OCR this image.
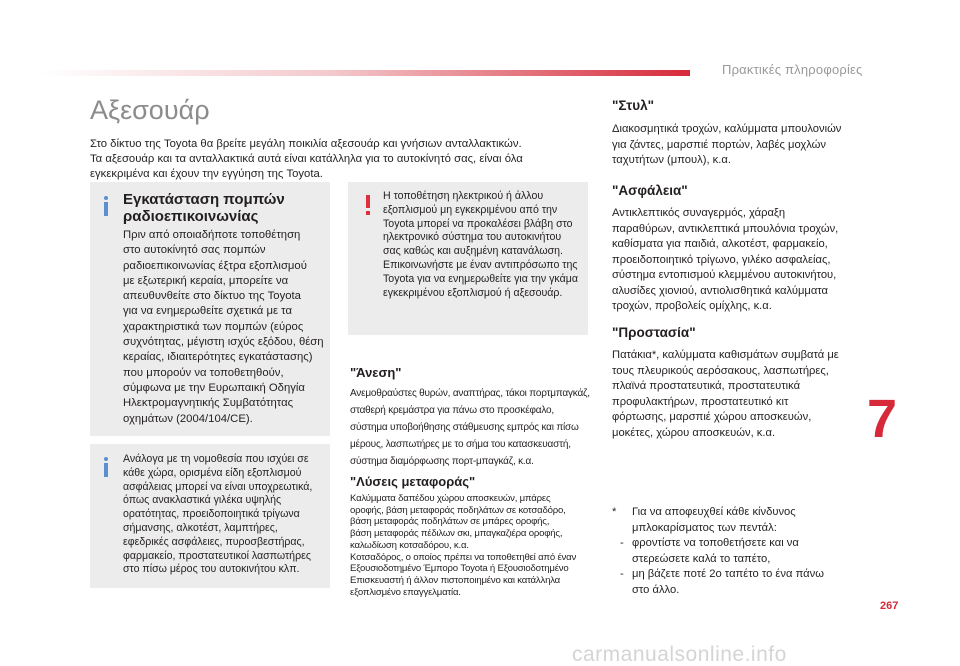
Πρακτικές πληροφορίες
Αξεσουάρ
Στο δίκτυο της Toyota θα βρείτε μεγάλη ποικιλία αξεσουάρ και γνήσιων ανταλλακτικών.
Τα αξεσουάρ και τα ανταλλακτικά αυτά είναι κατάλληλα για το αυτοκίνητό σας, είναι όλα
εγκεκριμένα και έχουν την εγγύηση της Toyota.
Εγκατάσταση πομπών
ραδιοεπικοινωνίας
Πριν από οποιαδήποτε τοποθέτηση
στο αυτοκίνητό σας πομπών
ραδιοεπικοινωνίας έξτρα εξοπλισμού
με εξωτερική κεραία, μπορείτε να
απευθυνθείτε στο δίκτυο της Toyota
για να ενημερωθείτε σχετικά με τα
χαρακτηριστικά των πομπών (εύρος
συχνότητας, μέγιστη ισχύς εξόδου, θέση
κεραίας, ιδιαιτερότητες εγκατάστασης)
που μπορούν να τοποθετηθούν,
σύμφωνα με την Ευρωπαική Οδηγία
Ηλεκτρομαγνητικής Συμβατότητας
οχημάτων (2004/104/CE).
Ανάλογα με τη νομοθεσία που ισχύει σε
κάθε χώρα, ορισμένα είδη εξοπλισμού
ασφάλειας μπορεί να είναι υποχρεωτικά,
όπως ανακλαστικά γιλέκα υψηλής
ορατότητας, προειδοποιητικά τρίγωνα
σήμανσης, αλκοτέστ, λαμπτήρες,
εφεδρικές ασφάλειες, πυροσβεστήρας,
φαρμακείο, προστατευτικοί λασπωτήρες
στο πίσω μέρος του αυτοκινήτου κλπ.
Η τοποθέτηση ηλεκτρικού ή άλλου
εξοπλισμού μη εγκεκριμένου από την
Toyota μπορεί να προκαλέσει βλάβη στο
ηλεκτρονικό σύστημα του αυτοκινήτου
σας καθώς και αυξημένη κατανάλωση.
Επικοινωνήστε με έναν αντιπρόσωπο της
Toyota για να ενημερωθείτε για την γκάμα
εγκεκριμένου εξοπλισμού ή αξεσουάρ.
"Άνεση"
Ανεμοθραύστες θυρών, αναπτήρας, τάκοι πορτμπαγκάζ,
σταθερή κρεμάστρα για πάνω στο προσκέφαλο,
σύστημα υποβοήθησης στάθμευσης εμπρός και πίσω
μέρους, λασπωτήρες με το σήμα του κατασκευαστή,
σύστημα διαμόρφωσης πορτ-μπαγκάζ, κ.α.
"Λύσεις μεταφοράς"
Καλύμματα δαπέδου χώρου αποσκευών, μπάρες
οροφής, βάση μεταφοράς ποδηλάτων σε κοτσαδόρο,
βάση μεταφοράς ποδηλάτων σε μπάρες οροφής,
βάση μεταφοράς πέδιλων σκι, μπαγκαζιέρα οροφής,
καλωδίωση κοτσαδόρου, κ.α.
Κοτσαδόρος, ο οποίος πρέπει να τοποθετηθεί από έναν
Εξουσιοδοτημένο Έμπορο Toyota ή Εξουσιοδοτημένο
Επισκευαστή ή άλλον πιστοποιημένο και κατάλληλα
εξοπλισμένο επαγγελματία.
"Στυλ"
Διακοσμητικά τροχών, καλύμματα μπουλονιών
για ζάντες, μαρσπιέ πορτών, λαβές μοχλών
ταχυτήτων (μπουλ), κ.α.
"Ασφάλεια"
Αντικλεπτικός συναγερμός, χάραξη
παραθύρων, αντικλεπτικά μπουλόνια τροχών,
καθίσματα για παιδιά, αλκοτέστ, φαρμακείο,
προειδοποιητικό τρίγωνο, γιλέκο ασφαλείας,
σύστημα εντοπισμού κλεμμένου αυτοκινήτου,
αλυσίδες χιονιού, αντιολισθητικά καλύμματα
τροχών, προβολείς ομίχλης, κ.α.
"Προστασία"
Πατάκια*, καλύμματα καθισμάτων συμβατά με
τους πλευρικούς αερόσακους, λασπωτήρες,
πλαϊνά προστατευτικά, προστατευτικά
προφυλακτήρων, προστατευτικό κιτ
φόρτωσης, μαρσπιέ χώρου αποσκευών,
μοκέτες, χώρου αποσκευών, κ.α.	7
* Για να αποφευχθεί κάθε κίνδυνος
μπλοκαρίσματος των πεντάλ:
- φροντίστε να τοποθετήσετε και να
στερεώσετε καλά το ταπέτο,
- μη βάζετε ποτέ 2ο ταπέτο το ένα πάνω
στο άλλο.
267
carmanualsonline.info
